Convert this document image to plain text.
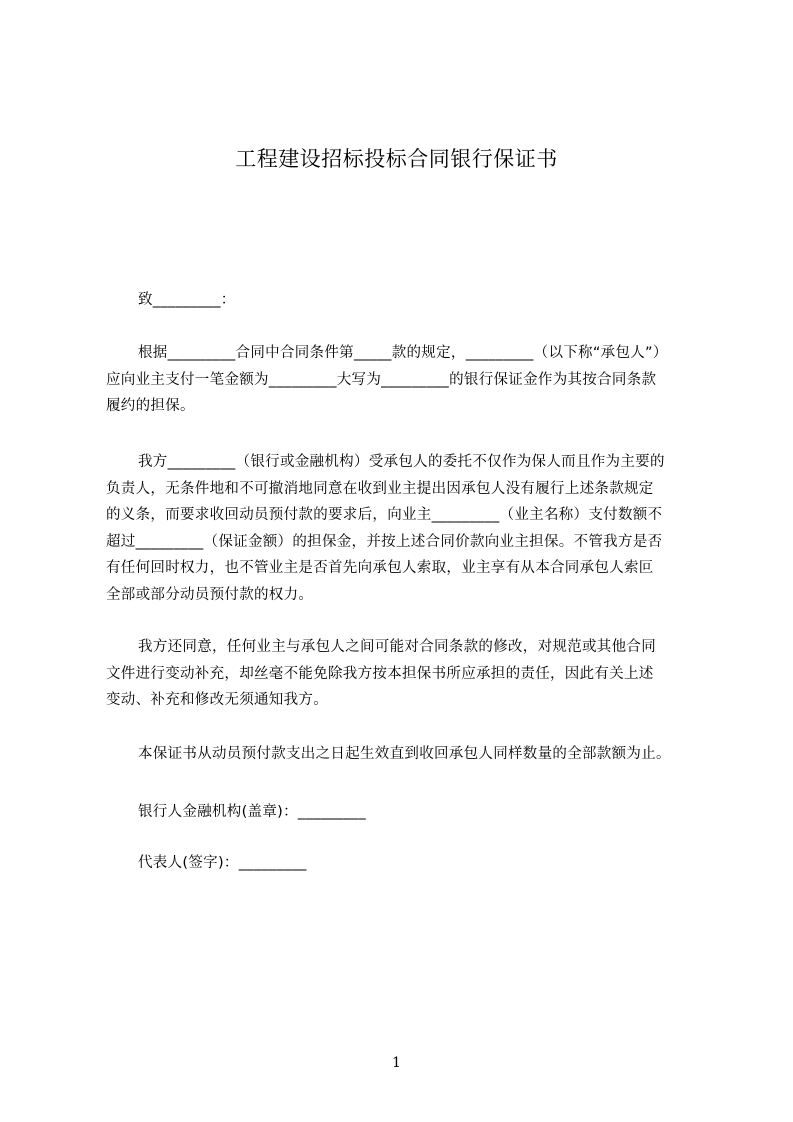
工程建设招标投标合同银行保证书
致_________：
根据_________合同中合同条件第_____款的规定，_________（以下称“承包人”）
应向业主支付一笔金额为_________大写为_________的银行保证金作为其按合同条款
履约的担保。
我方_________（银行或金融机构）受承包人的委托不仅作为保人而且作为主要的
负责人，无条件地和不可撤消地同意在收到业主提出因承包人没有履行上述条款规定
的义条，而要求收回动员预付款的要求后，向业主_________（业主名称）支付数额不
超过_________（保证金额）的担保金，并按上述合同价款向业主担保。不管我方是否
有任何回时权力，也不管业主是否首先向承包人索取，业主享有从本合同承包人索叵
全部或部分动员预付款的权力。
我方还同意，任何业主与承包人之间可能对合同条款的修改，对规范或其他合同
文件进行变动补充，却丝毫不能免除我方按本担保书所应承担的责任，因此有关上述
变动、补充和修改无须通知我方。
本保证书从动员预付款支出之日起生效直到收回承包人同样数量的全部款额为止。
银行人金融机构(盖章)：_________
代表人(签字)：_________
1
